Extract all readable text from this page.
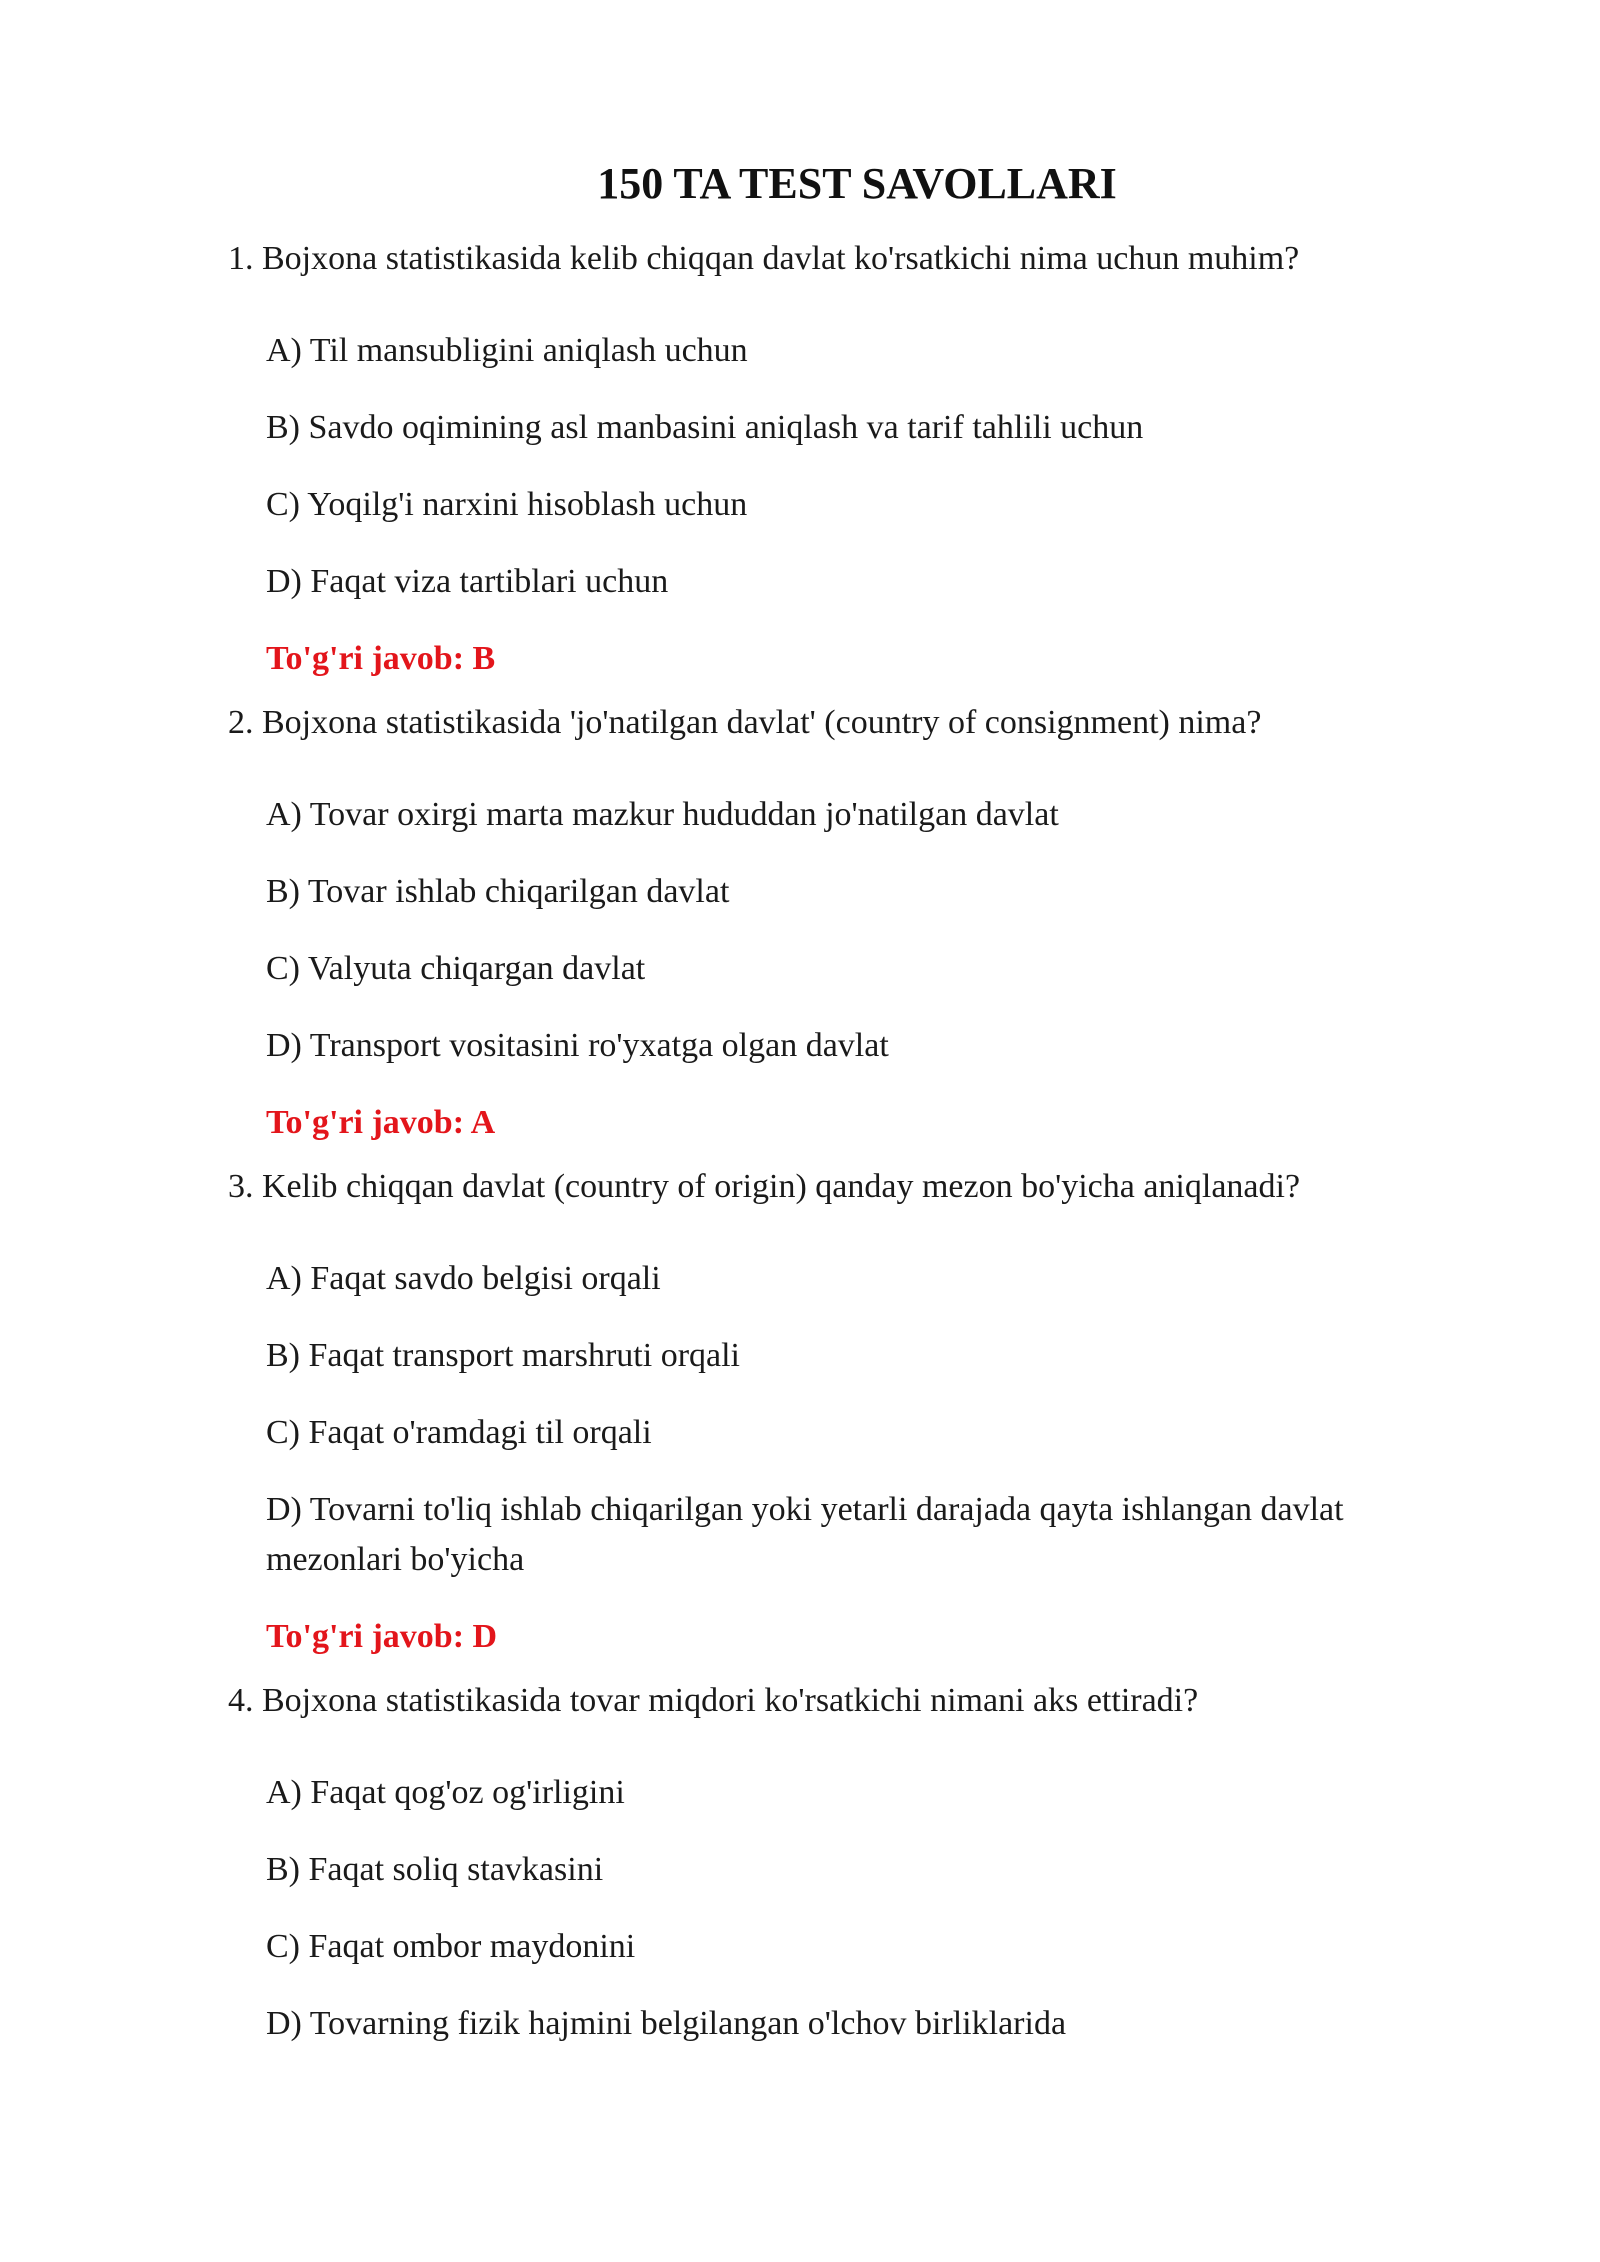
150 TA TEST SAVOLLARI
1. Bojxona statistikasida kelib chiqqan davlat ko'rsatkichi nima uchun muhim?
A) Til mansubligini aniqlash uchun
B) Savdo oqimining asl manbasini aniqlash va tarif tahlili uchun
C) Yoqilg'i narxini hisoblash uchun
D) Faqat viza tartiblari uchun
To'g'ri javob: B
2. Bojxona statistikasida 'jo'natilgan davlat' (country of consignment) nima?
A) Tovar oxirgi marta mazkur hududdan jo'natilgan davlat
B) Tovar ishlab chiqarilgan davlat
C) Valyuta chiqargan davlat
D) Transport vositasini ro'yxatga olgan davlat
To'g'ri javob: A
3. Kelib chiqqan davlat (country of origin) qanday mezon bo'yicha aniqlanadi?
A) Faqat savdo belgisi orqali
B) Faqat transport marshruti orqali
C) Faqat o'ramdagi til orqali
D) Tovarni to'liq ishlab chiqarilgan yoki yetarli darajada qayta ishlangan davlat mezonlari bo'yicha
To'g'ri javob: D
4. Bojxona statistikasida tovar miqdori ko'rsatkichi nimani aks ettiradi?
A) Faqat qog'oz og'irligini
B) Faqat soliq stavkasini
C) Faqat ombor maydonini
D) Tovarning fizik hajmini belgilangan o'lchov birliklarida
